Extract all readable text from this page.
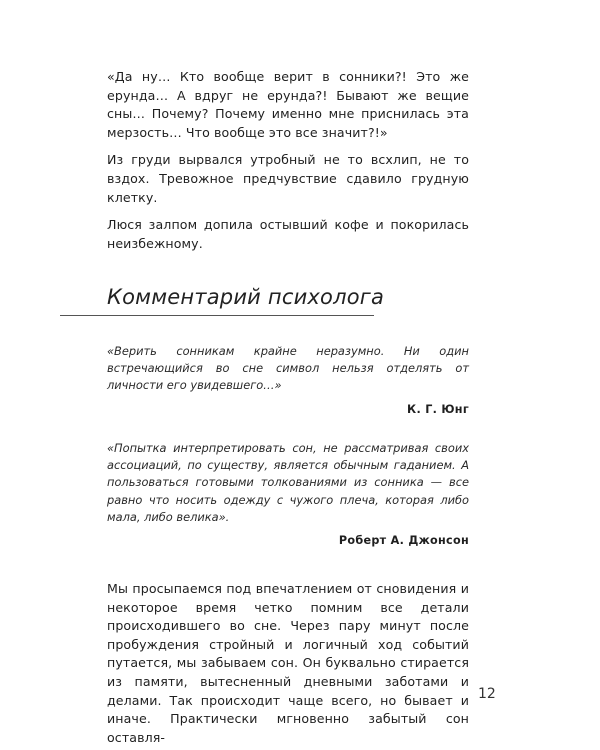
«Да ну… Кто вообще верит в сонники?! Это же ерунда… А вдруг не ерунда?! Бывают же вещие сны… Почему? Почему именно мне приснилась эта мерзость… Что вообще это все значит?!»

Из груди вырвался утробный не то всхлип, не то вздох. Тревожное предчувствие сдавило грудную клетку.

Люся залпом допила остывший кофе и покорилась неизбежному.

Комментарий психолога

«Верить сонникам крайне неразумно. Ни один встречающийся во сне символ нельзя отделять от личности его увидевшего…»

К. Г. Юнг

«Попытка интерпретировать сон, не рассматривая своих ассоциаций, по существу, является обычным гаданием. А пользоваться готовыми толкованиями из сонника — все равно что носить одежду с чужого плеча, которая либо мала, либо велика».

Роберт А. Джонсон

Мы просыпаемся под впечатлением от сновидения и некоторое время четко помним все детали происходившего во сне. Через пару минут после пробуждения стройный и логичный ход событий путается, мы забываем сон. Он буквально стирается из памяти, вытесненный дневными заботами и делами. Так происходит чаще всего, но бывает и иначе. Практически мгновенно забытый сон оставля-

12
